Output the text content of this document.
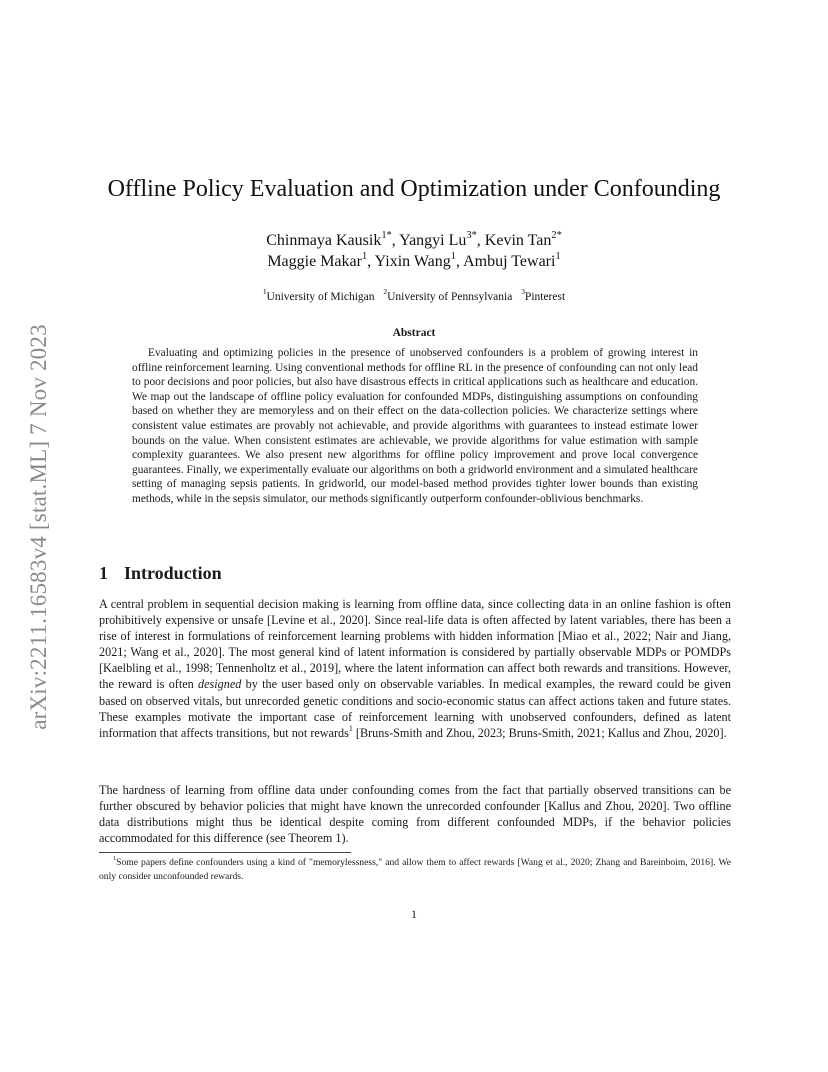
arXiv:2211.16583v4 [stat.ML] 7 Nov 2023
Offline Policy Evaluation and Optimization under Confounding
Chinmaya Kausik$^{1*}$, Yangyi $Lu^{3*}$, Kevin Tan$^{2*}$
Maggie Makar$^1$, Yixin Wang$^1$, Ambuj Tewari$^1$
$^1$University of Michigan $^2$University of Pennsylvania $^3$Pinterest
Abstract

Evaluating and optimizing policies in the presence of unobserved confounders is a problem of growing interest in offline reinforcement learning. Using conventional methods for offline RL in the presence of confounding can not only lead to poor decisions and poor policies, but also have disastrous effects in critical applications such as healthcare and education. We map out the landscape of offline policy evaluation for confounded MDPs, distinguishing assumptions on confounding based on whether they are memoryless and on their effect on the data-collection policies. We characterize settings where consistent value estimates are provably not achievable, and provide algorithms with guarantees to instead estimate lower bounds on the value. When consistent estimates are achievable, we provide algorithms for value estimation with sample complexity guarantees. We also present new algorithms for offline policy improvement and prove local convergence guarantees. Finally, we experimentally evaluate our algorithms on both a gridworld environment and a simulated healthcare setting of managing sepsis patients. In gridworld, our model-based method provides tighter lower bounds than existing methods, while in the sepsis simulator, our methods significantly outperform confounder-oblivious benchmarks.

1 Introduction

A central problem in sequential decision making is learning from offline data, since collecting data in an online fashion is often prohibitively expensive or unsafe [Levine et al., 2020]. Since real-life data is often affected by latent variables, there has been a rise of interest in formulations of reinforcement learning problems with hidden information [Miao et al., 2022; Nair and Jiang, 2021; Wang et al., 2020]. The most general kind of latent information is considered by partially observable MDPs or POMDPs [Kaelbling et al., 1998; Tennenholtz et al., 2019], where the latent information can affect both rewards and transitions. However, the reward is often designed by the user based only on observable variables. In medical examples, the reward could be given based on observed vitals, but unrecorded genetic conditions and socio-economic status can affect actions taken and future states. These examples motivate the important case of reinforcement learning with unobserved confounders, defined as latent information that affects transitions, but not rewards$^1$ [Bruns-Smith and Zhou, 2023; Bruns-Smith, 2021; Kallus and Zhou, 2020].

The hardness of learning from offline data under confounding comes from the fact that partially observed transitions can be further obscured by behavior policies that might have known the unrecorded confounder [Kallus and Zhou, 2020]. Two offline data distributions might thus be identical despite coming from different confounded MDPs, if the behavior policies accommodated for this difference (see Theorem 1).

$^1$Some papers define confounders using a kind of "memorylessness," and allow them to affect rewards [Wang et al., 2020; Zhang and Bareinboim, 2016]. We only consider unconfounded rewards.

1
